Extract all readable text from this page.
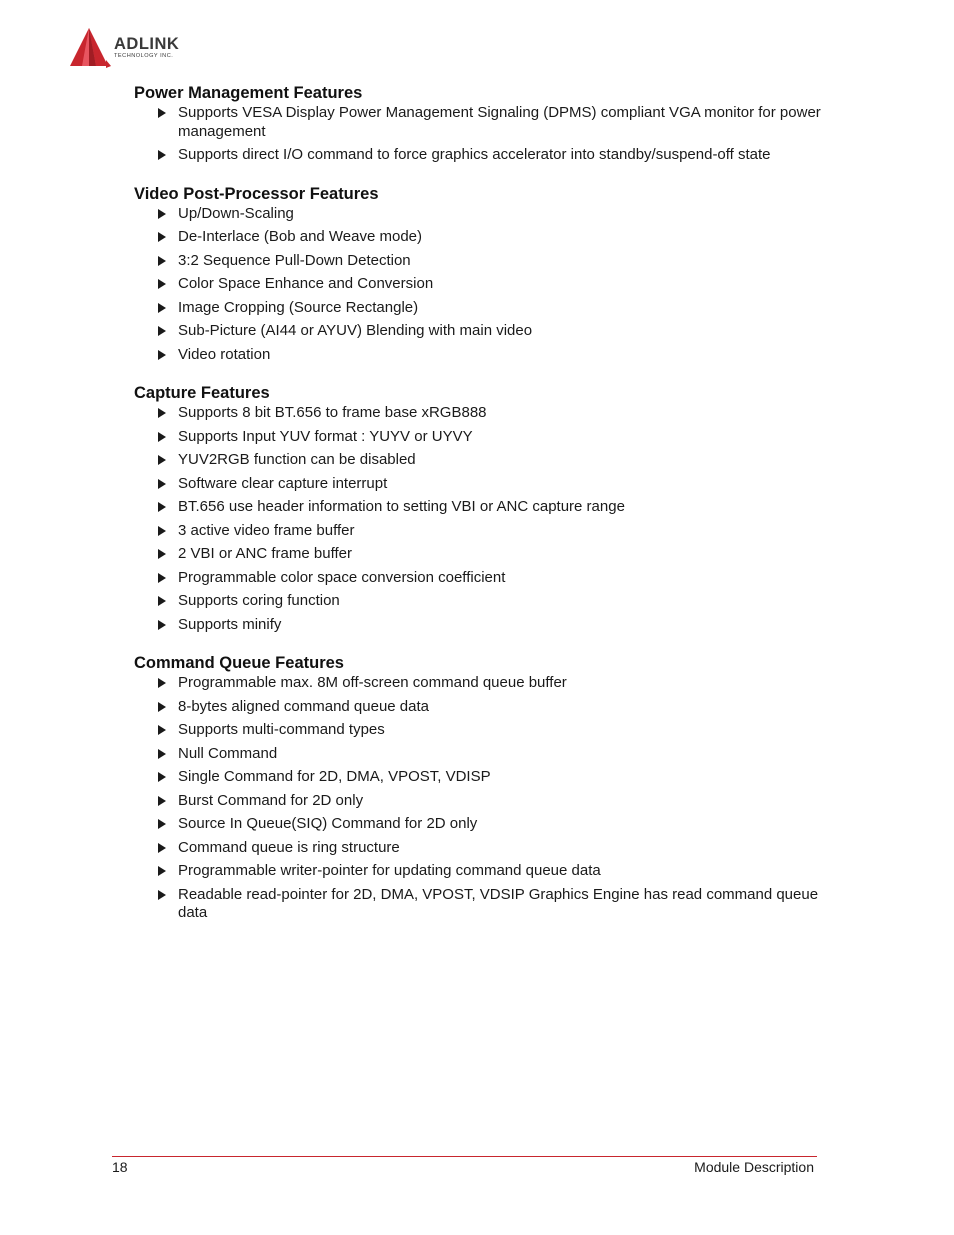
ADLINK
TECHNOLOGY INC.
Power Management Features
Supports VESA Display Power Management Signaling (DPMS) compliant VGA monitor for power management
Supports direct I/O command to force graphics accelerator into standby/suspend-off state
Video Post-Processor Features
Up/Down-Scaling
De-Interlace (Bob and Weave mode)
3:2 Sequence Pull-Down Detection
Color Space Enhance and Conversion
Image Cropping (Source Rectangle)
Sub-Picture (AI44 or AYUV) Blending with main video
Video rotation
Capture Features
Supports 8 bit BT.656 to frame base xRGB888
Supports Input YUV format : YUYV or UYVY
YUV2RGB function can be disabled
Software clear capture interrupt
BT.656 use header information to setting VBI or ANC capture range
3 active video frame buffer
2 VBI or ANC frame buffer
Programmable color space conversion coefficient
Supports coring function
Supports minify
Command Queue Features
Programmable max. 8M off-screen command queue buffer
8-bytes aligned command queue data
Supports multi-command types
Null Command
Single Command for 2D, DMA, VPOST, VDISP
Burst Command for 2D only
Source In Queue(SIQ) Command for 2D only
Command queue is ring structure
Programmable writer-pointer for updating command queue data
Readable read-pointer for 2D, DMA, VPOST, VDSIP Graphics Engine has read command queue data
18	Module Description
